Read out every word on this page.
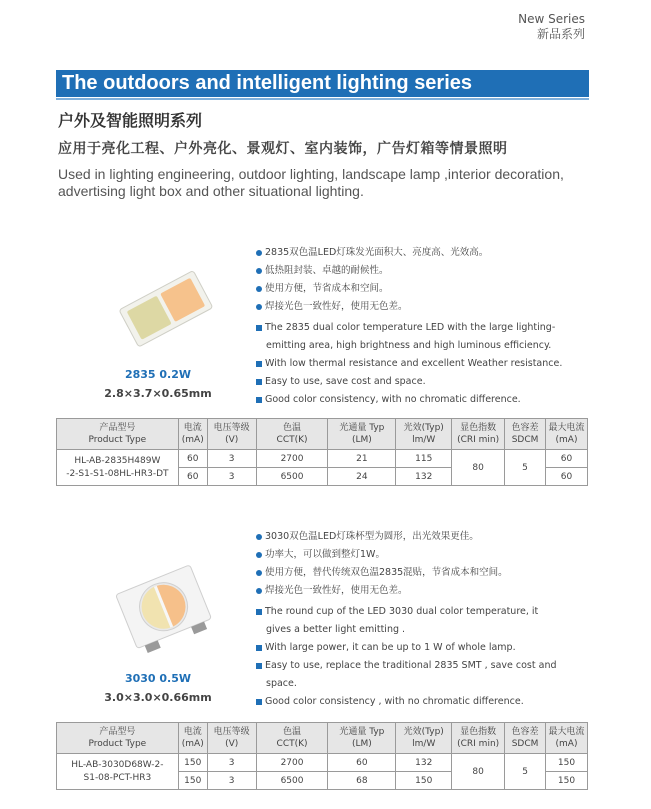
New Series
新品系列
The outdoors and intelligent lighting series
户外及智能照明系列
应用于亮化工程、户外亮化、景观灯、室内装饰，广告灯箱等情景照明
Used in lighting engineering, outdoor lighting, landscape lamp ,interior decoration, advertising light box and other situational lighting.
2835 0.2W
2.8×3.7×0.65mm
2835双色温LED灯珠发光面积大、亮度高、光效高。
低热阻封装、卓越的耐候性。
使用方便，节省成本和空间。
焊接光色一致性好，使用无色差。
The 2835 dual color temperature LED with the large lighting-
emitting area, high brightness and high luminous efficiency.
With low thermal resistance and excellent Weather resistance.
Easy to use, save cost and space.
Good color consistency, with no chromatic difference.
产品型号
Product Type	电流
(mA)	电压等级
(V)	色温
CCT(K)	光通量 Typ
(LM)	光效(Typ)
lm/W	显色指数
(CRI min)	色容差
SDCM	最大电流
(mA)
HL-AB-2835H489W
-2-S1-S1-08HL-HR3-DT	60	3	2700	21	115	80	5	60
	60	3	6500	24	132			60
3030 0.5W
3.0×3.0×0.66mm
3030双色温LED灯珠杯型为圆形，出光效果更佳。
功率大，可以做到整灯1W。
使用方便，替代传统双色温2835混贴，节省成本和空间。
焊接光色一致性好，使用无色差。
The round cup of the LED 3030 dual color temperature, it
gives a better light emitting .
With large power, it can be up to 1 W of whole lamp.
Easy to use, replace the traditional 2835 SMT , save cost and
space.
Good color consistency , with no chromatic difference.
产品型号
Product Type	电流
(mA)	电压等级
(V)	色温
CCT(K)	光通量 Typ
(LM)	光效(Typ)
lm/W	显色指数
(CRI min)	色容差
SDCM	最大电流
(mA)
HL-AB-3030D68W-2-
S1-08-PCT-HR3	150	3	2700	60	132	80	5	150
	150	3	6500	68	150			150
